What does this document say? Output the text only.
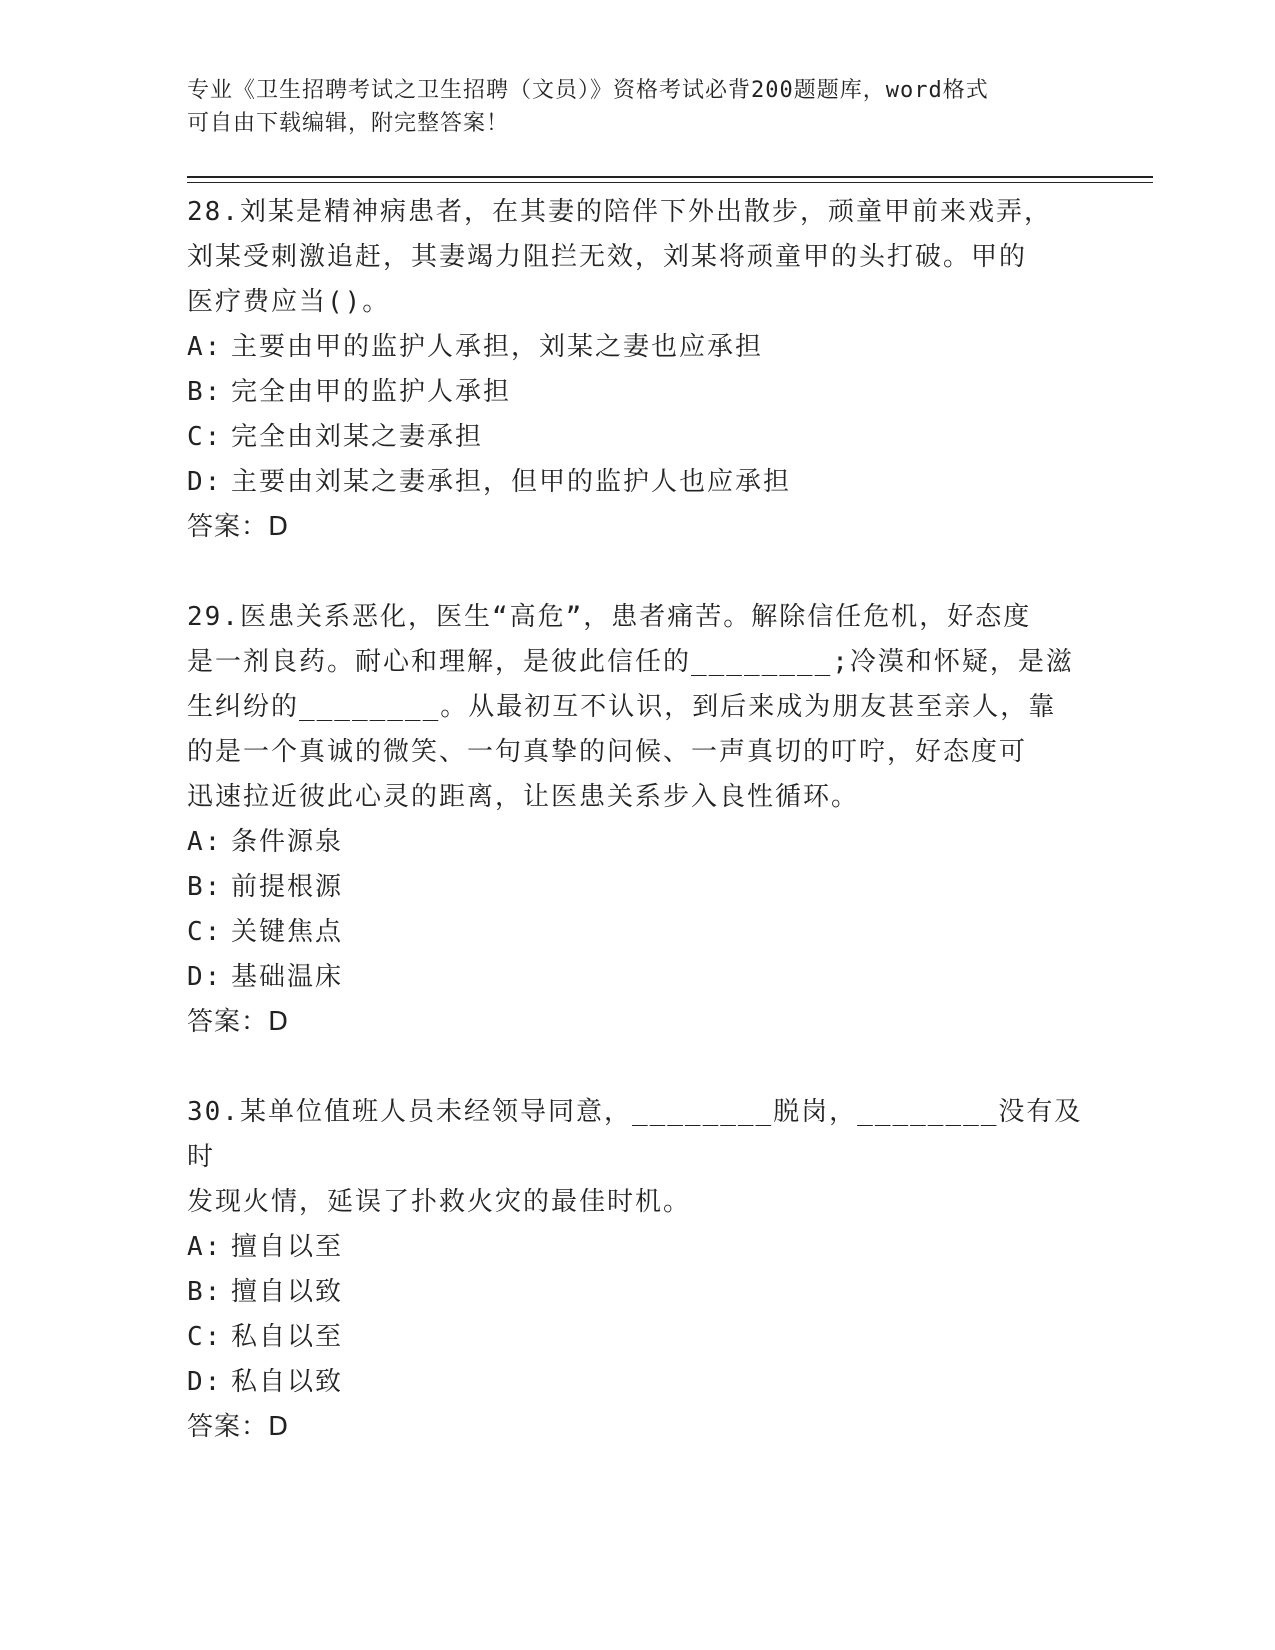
专业《卫生招聘考试之卫生招聘（文员）》资格考试必背200题题库，word格式
可自由下载编辑，附完整答案！

28.刘某是精神病患者，在其妻的陪伴下外出散步，顽童甲前来戏弄，

刘某受刺激追赶，其妻竭力阻拦无效，刘某将顽童甲的头打破。甲的

医疗费应当()。

A: 主要由甲的监护人承担，刘某之妻也应承担

B: 完全由甲的监护人承担

C: 完全由刘某之妻承担

D: 主要由刘某之妻承担，但甲的监护人也应承担

答案：D

29.医患关系恶化，医生“高危”，患者痛苦。解除信任危机，好态度

是一剂良药。耐心和理解，是彼此信任的________;冷漠和怀疑，是滋

生纠纷的________。从最初互不认识，到后来成为朋友甚至亲人，靠

的是一个真诚的微笑、一句真挚的问候、一声真切的叮咛，好态度可

迅速拉近彼此心灵的距离，让医患关系步入良性循环。

A: 条件源泉

B: 前提根源

C: 关键焦点

D: 基础温床

答案：D

30.某单位值班人员未经领导同意，________脱岗，________没有及时

发现火情，延误了扑救火灾的最佳时机。

A: 擅自以至

B: 擅自以致

C: 私自以至

D: 私自以致

答案：D
